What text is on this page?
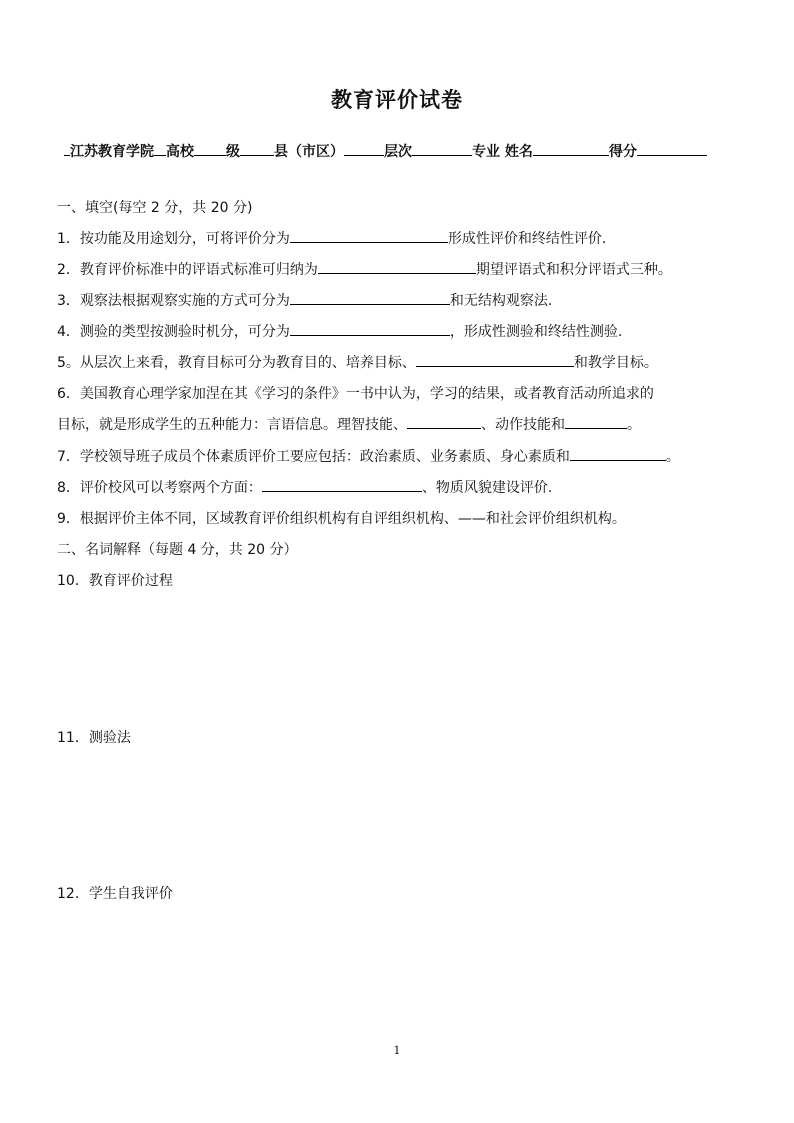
教育评价试卷
江苏教育学院 高校 级 县（市区）	层次	专业 姓名	得分
一、填空(每空 2 分，共 20 分)
1．按功能及用途划分，可将评价分为	形成性评价和终结性评价.
2．教育评价标准中的评语式标准可归纳为	期望评语式和积分评语式三种。
3．观察法根据观察实施的方式可分为	和无结构观察法.
4．测验的类型按测验时机分，可分为	，形成性测验和终结性测验.
5。从层次上来看，教育目标可分为教育目的、培养目标、	和教学目标。
6．美国教育心理学家加涅在其《学习的条件》一书中认为，学习的结果，或者教育活动所追求的
目标，就是形成学生的五种能力：言语信息。理智技能、	、动作技能和	。
7．学校领导班子成员个体素质评价工要应包括：政治素质、业务素质、身心素质和	。
8．评价校风可以考察两个方面：	、物质风貌建设评价.
9．根据评价主体不同，区域教育评价组织机构有自评组织机构、——和社会评价组织机构。
二、名词解释（每题 4 分，共 20 分）
10．教育评价过程
11．测验法
12．学生自我评价
1
